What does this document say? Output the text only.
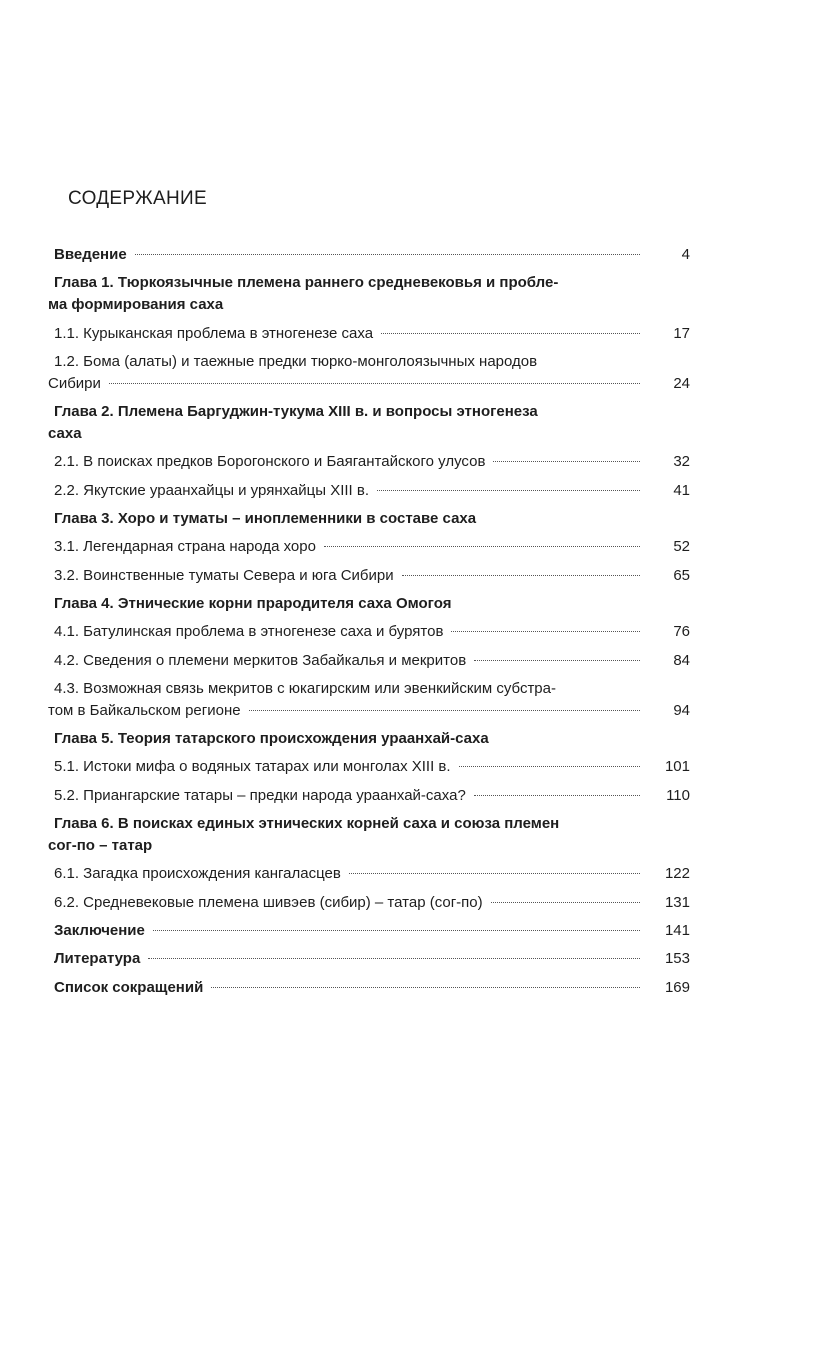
СОДЕРЖАНИЕ
Введение	4
Глава 1. Тюркоязычные племена раннего средневековья и пробле-
ма формирования саха
1.1. Курыканская проблема в этногенезе саха	17
1.2. Бома (алаты) и таежные предки тюрко-монголоязычных народов
Сибири	24
Глава 2. Племена Баргуджин-тукума XIII в. и вопросы этногенеза
саха
2.1. В поисках предков Борогонского и Баягантайского улусов	32
2.2. Якутские ураанхайцы и урянхайцы XIII в.	41
Глава 3. Хоро и туматы – иноплеменники в составе саха
3.1. Легендарная страна народа хоро	52
3.2. Воинственные туматы Севера и юга Сибири	65
Глава 4. Этнические корни прародителя саха Омогоя
4.1. Батулинская проблема в этногенезе саха и бурятов	76
4.2. Сведения о племени меркитов Забайкалья и мекритов	84
4.3. Возможная связь мекритов с юкагирским или эвенкийским субстра-
том в Байкальском регионе	94
Глава 5. Теория татарского происхождения ураанхай-саха
5.1. Истоки мифа о водяных татарах или монголах XIII в.	101
5.2. Приангарские татары – предки народа ураанхай-саха?	110
Глава 6. В поисках единых этнических корней саха и союза племен
сог-по – татар
6.1. Загадка происхождения кангаласцев	122
6.2. Средневековые племена шивэев (сибир) – татар (сог-по)	131
Заключение	141
Литература	153
Список сокращений	169
